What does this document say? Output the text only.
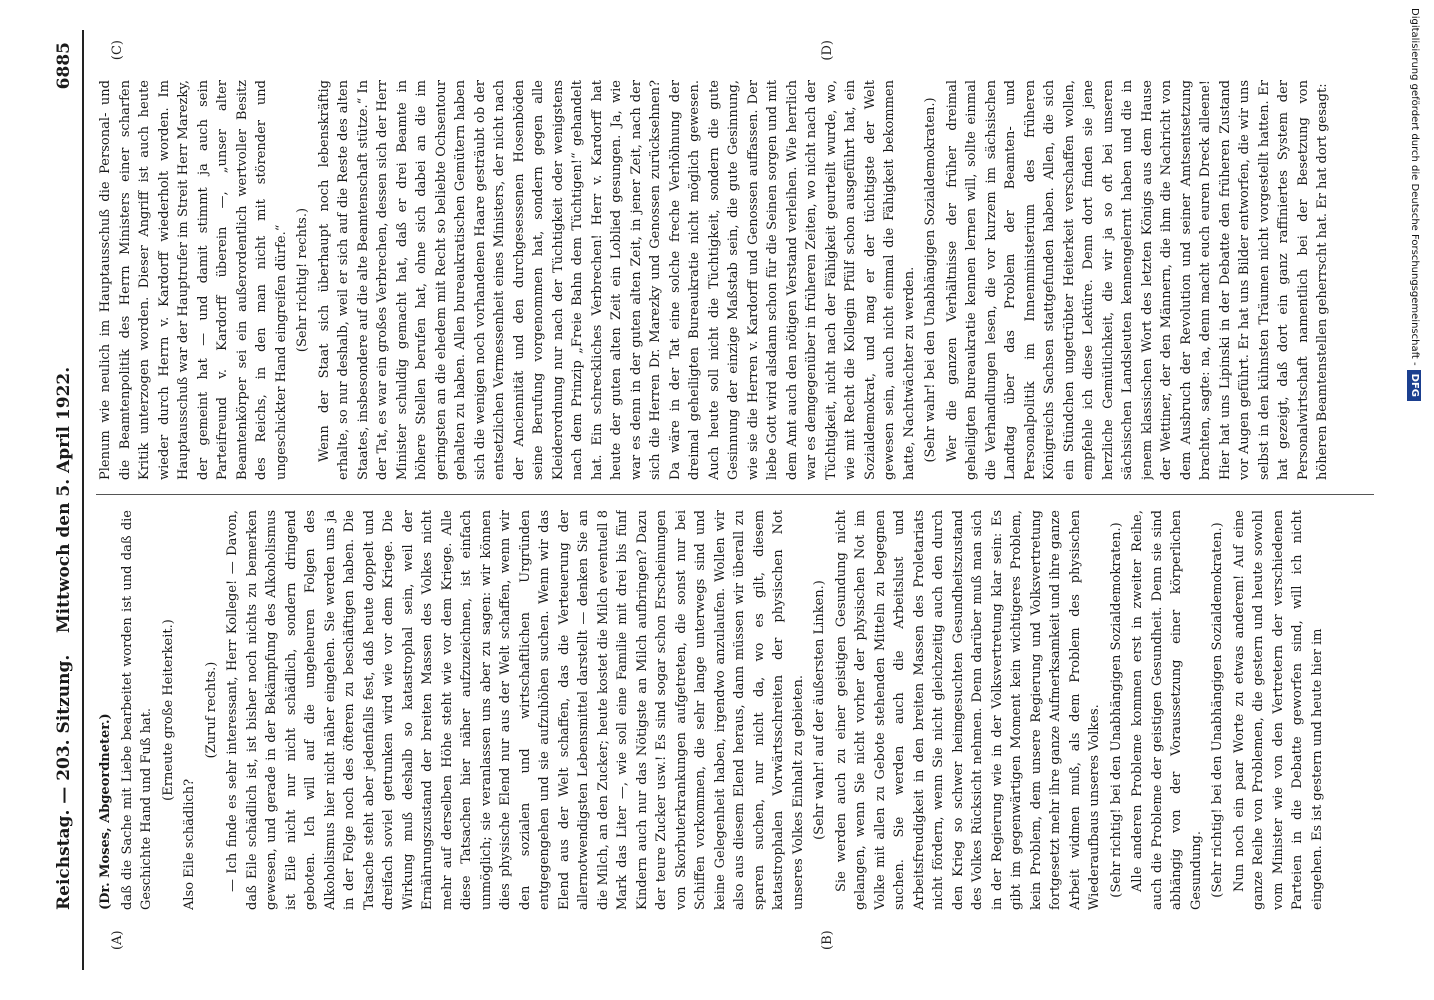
Reichstag. — 203. Sitzung.
Mittwoch den 5. April 1922.
6885
(A)	(B)
(C)	(D)

(Dr. Moses, Abgeordneter.) daß die Sache mit Liebe bearbeitet worden ist und daß die Geschichte Hand und Fuß hat. (Erneute große Heiterkeit.)

Also Eile schädlich?

(Zuruf rechts.) — Ich finde es sehr interessant, Herr Kollege! — Davon, daß Eile schädlich ist, ist bisher noch nichts zu bemerken gewesen, und gerade in der Bekämpfung des Alkoholismus ist Eile nicht nur nicht schädlich, sondern dringend geboten. Ich will auf die ungeheuren Folgen des Alkoholismus hier nicht näher eingehen. Sie werden uns ja in der Folge noch des öfteren zu beschäftigen haben. Die Tatsache steht aber jedenfalls fest, daß heute doppelt und dreifach soviel getrunken wird wie vor dem Kriege. Die Wirkung muß deshalb so katastrophal sein, weil der Ernährungszustand der breiten Massen des Volkes nicht mehr auf derselben Höhe steht wie vor dem Kriege. Alle diese Tatsachen hier näher aufzuzeichnen, ist einfach unmöglich; sie veranlassen uns aber zu sagen: wir können dies physische Elend nur aus der Welt schaffen, wenn wir den sozialen und wirtschaftlichen Urgründen entgegengehen und sie aufzuhöhen suchen. Wenn wir das Elend aus der Welt schaffen, das die Verteuerung der allernotwendigsten Lebensmittel darstellt — denken Sie an die Milch, an den Zucker; heute kostet die Milch eventuell 8 Mark das Liter —, wie soll eine Familie mit drei bis fünf Kindern auch nur das Nötigste an Milch aufbringen? Dazu der teure Zucker usw.! Es sind sogar schon Erscheinungen von Skorbuterkrankungen aufgetreten, die sonst nur bei Schiffen vorkommen, die sehr lange unterwegs sind und keine Gelegenheit haben, irgendwo anzulaufen. Wollen wir also aus diesem Elend heraus, dann müssen wir überall zu sparen suchen, nur nicht da, wo es gilt, diesem katastrophalen Vorwärtsschreiten der physischen Not unseres Volkes Einhalt zu gebieten. (Sehr wahr! auf der äußersten Linken.) Sie werden auch zu einer geistigen Gesundung nicht gelangen, wenn Sie nicht vorher der physischen Not im Volke mit allen zu Gebote stehenden Mitteln zu begegnen suchen. Sie werden auch die Arbeitslust und Arbeitsfreudigkeit in den breiten Massen des Proletariats nicht fördern, wenn Sie nicht gleichzeitig auch den durch den Krieg so schwer heimgesuchten Gesundheitszustand des Volkes Rücksicht nehmen. Denn darüber muß man sich in der Regierung wie in der Volksvertretung klar sein: Es gibt im gegenwärtigen Moment kein wichtigeres Problem, kein Problem, dem unsere Regierung und Volksvertretung fortgesetzt mehr ihre ganze Aufmerksamkeit und ihre ganze Arbeit widmen muß, als dem Problem des physischen Wiederaufbaus unseres Volkes. (Sehr richtig! bei den Unabhängigen Sozialdemokraten.) Alle anderen Probleme kommen erst in zweiter Reihe, auch die Probleme der geistigen Gesundheit. Denn sie sind abhängig von der Voraussetzung einer körperlichen Gesundung. (Sehr richtig! bei den Unabhängigen Sozialdemokraten.) Nun noch ein paar Worte zu etwas anderem! Auf eine ganze Reihe von Problemen, die gestern und heute sowohl vom Minister wie von den Vertretern der verschiedenen Parteien in die Debatte geworfen sind, will ich nicht eingehen. Es ist gestern und heute hier im

Plenum wie neulich im Hauptausschuß die Personal- und die Beamtenpolitik des Herrn Ministers einer scharfen Kritik unterzogen worden. Dieser Angriff ist auch heute wieder durch Herrn v. Kardorff wiederholt worden. Im Hauptausschuß war der Hauptrufer im Streit Herr Marezky, der gemeint hat — und damit stimmt ja auch sein Parteifreund v. Kardorff überein —, „unser alter Beamtenkörper sei ein außerordentlich wertvoller Besitz des Reichs, in den man nicht mit störender und ungeschickter Hand eingreifen dürfe.“ (Sehr richtig! rechts.) Wenn der Staat sich überhaupt noch lebenskräftig erhalte, so nur deshalb, weil er sich auf die Reste des alten Staates, insbesondere auf die alte Beamtenschaft stütze.“ In der Tat, es war ein großes Verbrechen, dessen sich der Herr Minister schuldig gemacht hat, daß er drei Beamte in höhere Stellen berufen hat, ohne sich dabei an die im geringsten an die ehedem mit Recht so beliebte Ochsentour gehalten zu haben. Allen bureaukratischen Gemütern haben sich die wenigen noch vorhandenen Haare gesträubt ob der entsetzlichen Vermessenheit eines Ministers, der nicht nach der Anciennität und den durchgesessenen Hosenböden seine Berufung vorgenommen hat, sondern gegen alle Kleiderordnung nur nach der Tüchtigkeit oder wenigstens nach dem Prinzip „Freie Bahn dem Tüchtigen!“ gehandelt hat. Ein schreckliches Verbrechen! Herr v. Kardorff hat heute der guten alten Zeit ein Loblied gesungen. Ja, wie war es denn in der guten alten Zeit, in jener Zeit, nach der sich die Herren Dr. Marezky und Genossen zurücksehnen? Da wäre in der Tat eine solche freche Verhöhnung der dreimal geheiligten Bureaukratie nicht möglich gewesen. Auch heute soll nicht die Tüchtigkeit, sondern die gute Gesinnung der einzige Maßstab sein, die gute Gesinnung, wie sie die Herren v. Kardorff und Genossen auffassen. Der liebe Gott wird alsdann schon für die Seinen sorgen und mit dem Amt auch den nötigen Verstand verleihen. Wie herrlich war es demgegenüber in früheren Zeiten, wo nicht nach der Tüchtigkeit, nicht nach der Fähigkeit geurteilt wurde, wo, wie mit Recht die Kollegin Pfülf schon ausgeführt hat, ein Sozialdemokrat, und mag er der tüchtigste der Welt gewesen sein, auch nicht einmal die Fähigkeit bekommen hatte, Nachtwächter zu werden. (Sehr wahr! bei den Unabhängigen Sozialdemokraten.) Wer die ganzen Verhältnisse der früher dreimal geheiligten Bureaukratie kennen lernen will, sollte einmal die Verhandlungen lesen, die vor kurzem im sächsischen Landtag über das Problem der Beamten- und Personalpolitik im Innenministerium des früheren Königreichs Sachsen stattgefunden haben. Allen, die sich ein Stündchen ungetrübter Heiterkeit verschaffen wollen, empfehle ich diese Lektüre. Denn dort finden sie jene herzliche Gemütlichkeit, die wir ja so oft bei unseren sächsischen Landsleuten kennengelernt haben und die in jenem klassischen Wort des letzten Königs aus dem Hause der Wettiner, der den Männern, die ihm die Nachricht von dem Ausbruch der Revolution und seiner Amtsentsetzung brachten, sagte: na, denn macht euch euren Dreck alleene! Hier hat uns Lipinski in der Debatte den früheren Zustand vor Augen geführt. Er hat uns Bilder entworfen, die wir uns selbst in den kühnsten Träumen nicht vorgestellt hatten. Er hat gezeigt, daß dort ein ganz raffiniertes System der Personalwirtschaft namentlich bei der Besetzung von höheren Beamtenstellen geherrscht hat. Er hat dort gesagt:	Digitalisierung gefördert durch die Deutsche Forschungsgemeinschaft -DFG
